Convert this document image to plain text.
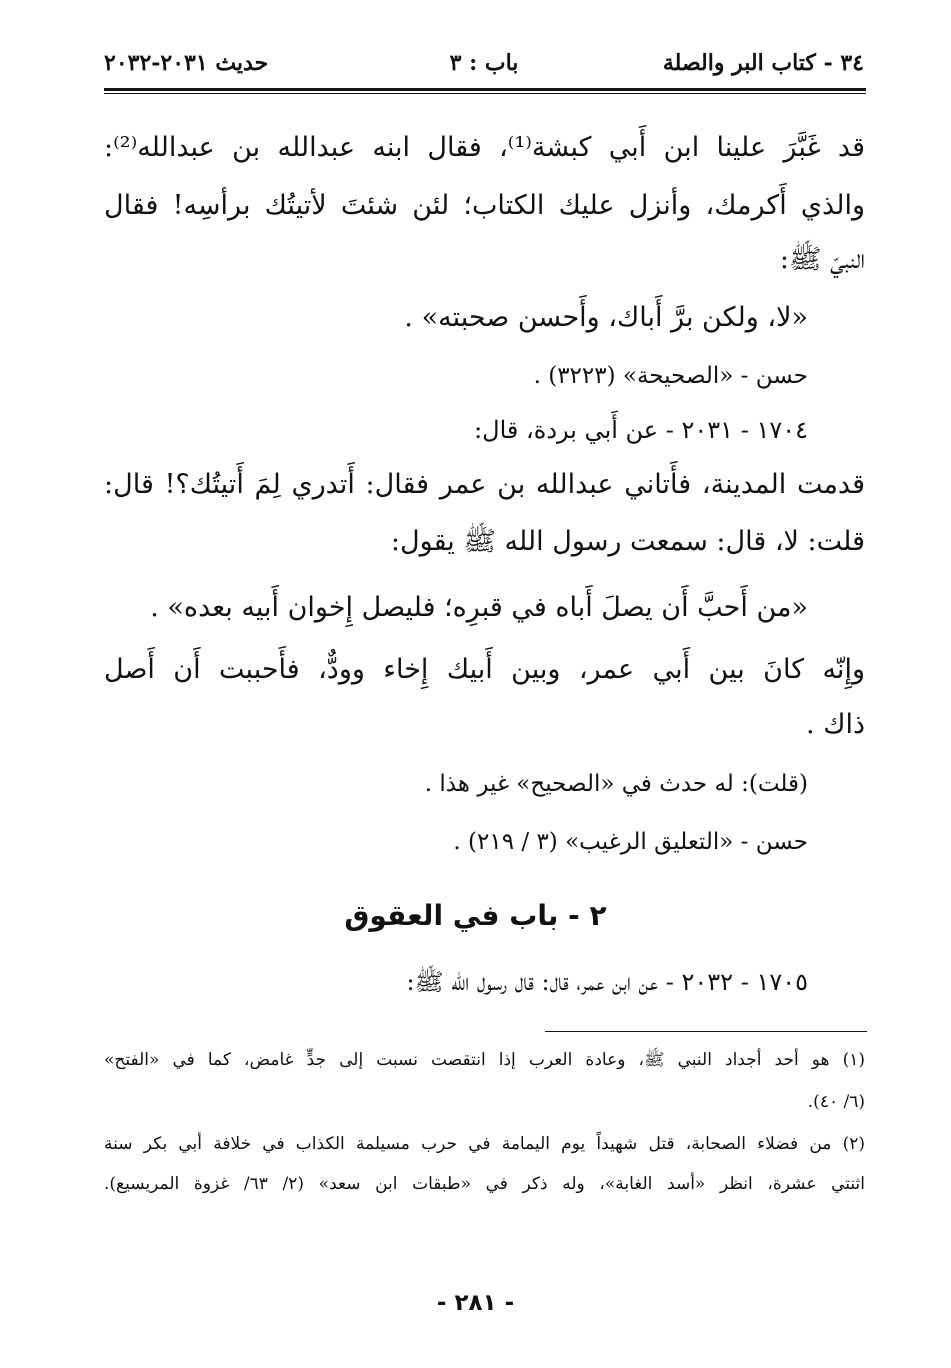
٣٤ - كتاب البر والصلة
باب : ٣
حديث ٢٠٣١-٢٠٣٢
قد غَبَّرَ علينا ابن أَبي كبشة⁽¹⁾، فقال ابنه عبدالله بن عبدالله⁽²⁾:
والذي أَكرمك، وأنزل عليك الكتاب؛ لئن شئتَ لأتيتُك برأسِه! فقال
النبيّ ﷺ:
«لا، ولكن برَّ أَباك، وأَحسن صحبته» .
حسن - «الصحيحة» (٣٢٢٣) .
١٧٠٤ - ٢٠٣١ - عن أَبي بردة، قال:
قدمت المدينة، فأَتاني عبدالله بن عمر فقال: أَتدري لِمَ أَتيتُك؟! قال:
قلت: لا، قال: سمعت رسول الله ﷺ يقول:
«من أَحبَّ أَن يصلَ أَباه في قبرِه؛ فليصل إِخوان أَبيه بعده» .
وإِنّه كانَ بين أَبي عمر، وبين أَبيك إِخاء وودٌّ، فأَحببت أَن أَصل
ذاك .
(قلت): له حدث في «الصحيح» غير هذا .
حسن - «التعليق الرغيب» (٣ / ٢١٩) .
٢ - باب في العقوق
١٧٠٥ - ٢٠٣٢ - عن ابن عمر، قال: قال رسول الله ﷺ:
(١) هو أحد أجداد النبي ﷺ، وعادة العرب إذا انتقصت نسبت إلى جدٍّ غامض، كما في «الفتح»
(٦/ ٤٠).
(٢) من فضلاء الصحابة، قتل شهيداً يوم اليمامة في حرب مسيلمة الكذاب في خلافة أبي بكر سنة
اثنتي عشرة، انظر «أسد الغابة»، وله ذكر في «طبقات ابن سعد» (٢/ ٦٣/ غزوة المريسيع).
- ٢٨١ -
